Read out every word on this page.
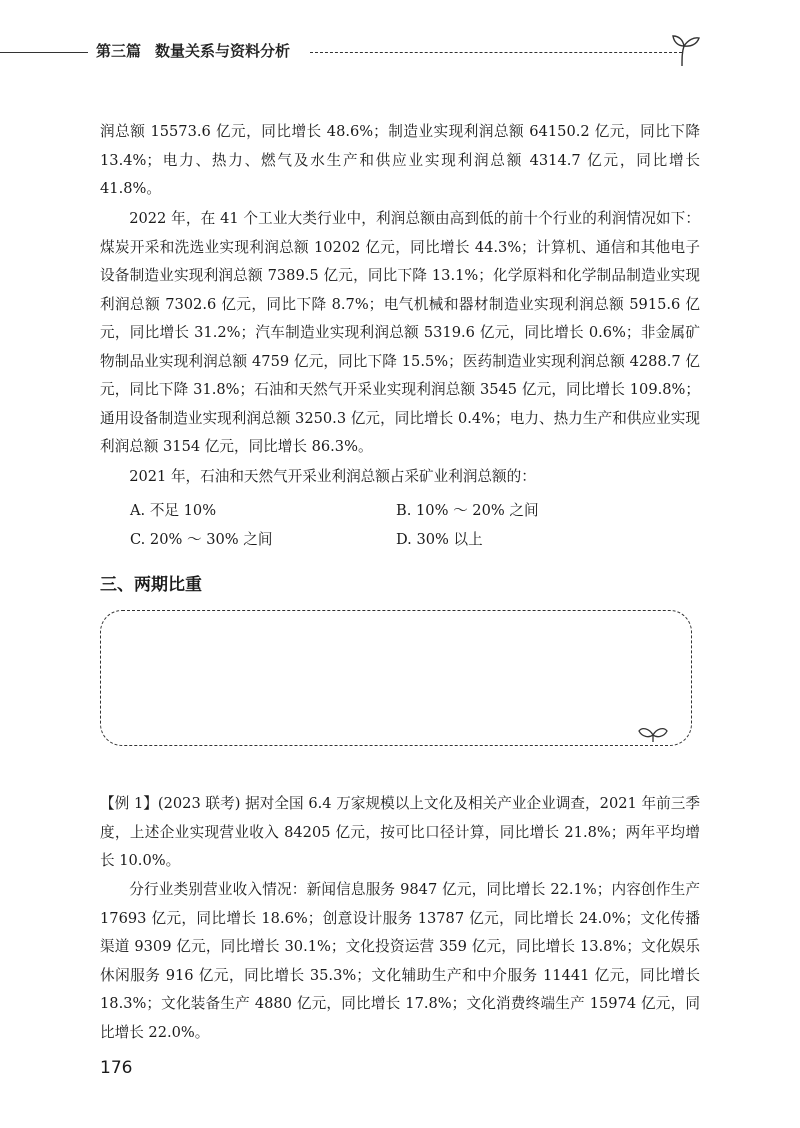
第三篇 数量关系与资料分析

润总额 15573.6 亿元，同比增长 48.6%；制造业实现利润总额 64150.2 亿元，同比下降 13.4%；电力、热力、燃气及水生产和供应业实现利润总额 4314.7 亿元，同比增长 41.8%。

2022 年，在 41 个工业大类行业中，利润总额由高到低的前十个行业的利润情况如下：煤炭开采和洗选业实现利润总额 10202 亿元，同比增长 44.3%；计算机、通信和其他电子设备制造业实现利润总额 7389.5 亿元，同比下降 13.1%；化学原料和化学制品制造业实现利润总额 7302.6 亿元，同比下降 8.7%；电气机械和器材制造业实现利润总额 5915.6 亿元，同比增长 31.2%；汽车制造业实现利润总额 5319.6 亿元，同比增长 0.6%；非金属矿物制品业实现利润总额 4759 亿元，同比下降 15.5%；医药制造业实现利润总额 4288.7 亿元，同比下降 31.8%；石油和天然气开采业实现利润总额 3545 亿元，同比增长 109.8%；通用设备制造业实现利润总额 3250.3 亿元，同比增长 0.4%；电力、热力生产和供应业实现利润总额 3154 亿元，同比增长 86.3%。

2021 年，石油和天然气开采业利润总额占采矿业利润总额的：

A. 不足 10%	B. 10% ～ 20% 之间
C. 20% ～ 30% 之间	D. 30% 以上
三、两期比重

【例 1】(2023 联考) 据对全国 6.4 万家规模以上文化及相关产业企业调查，2021 年前三季度，上述企业实现营业收入 84205 亿元，按可比口径计算，同比增长 21.8%；两年平均增长 10.0%。

分行业类别营业收入情况：新闻信息服务 9847 亿元，同比增长 22.1%；内容创作生产 17693 亿元，同比增长 18.6%；创意设计服务 13787 亿元，同比增长 24.0%；文化传播渠道 9309 亿元，同比增长 30.1%；文化投资运营 359 亿元，同比增长 13.8%；文化娱乐休闲服务 916 亿元，同比增长 35.3%；文化辅助生产和中介服务 11441 亿元，同比增长 18.3%；文化装备生产 4880 亿元，同比增长 17.8%；文化消费终端生产 15974 亿元，同比增长 22.0%。

176
